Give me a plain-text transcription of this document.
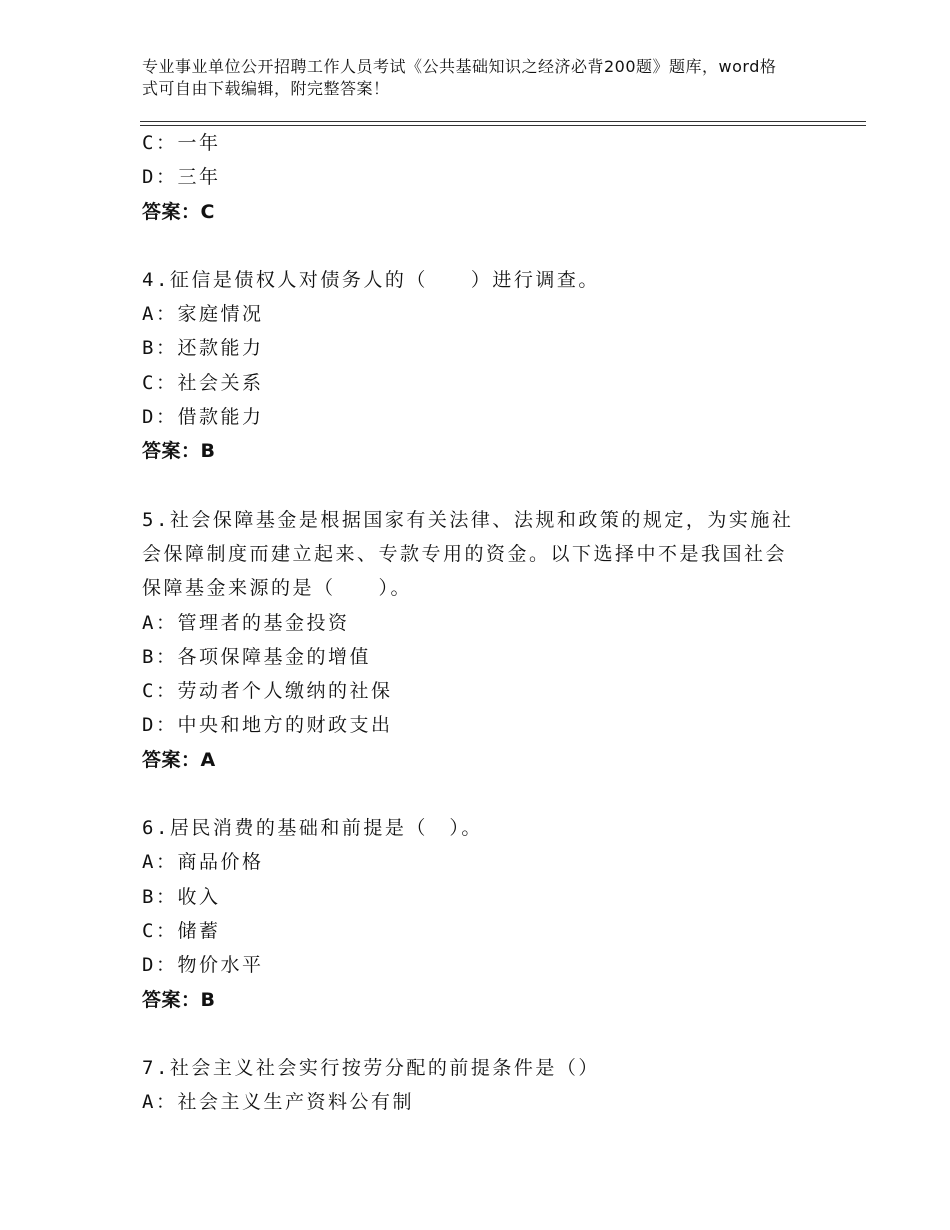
专业事业单位公开招聘工作人员考试《公共基础知识之经济必背200题》题库，word格式可自由下载编辑，附完整答案！
C：一年
D：三年
答案：C
4.征信是债权人对债务人的（　　）进行调查。
A：家庭情况
B：还款能力
C：社会关系
D：借款能力
答案：B
5.社会保障基金是根据国家有关法律、法规和政策的规定，为实施社会保障制度而建立起来、专款专用的资金。以下选择中不是我国社会保障基金来源的是（　　）。
A：管理者的基金投资
B：各项保障基金的增值
C：劳动者个人缴纳的社保
D：中央和地方的财政支出
答案：A
6.居民消费的基础和前提是（　）。
A：商品价格
B：收入
C：储蓄
D：物价水平
答案：B
7.社会主义社会实行按劳分配的前提条件是（）
A：社会主义生产资料公有制
